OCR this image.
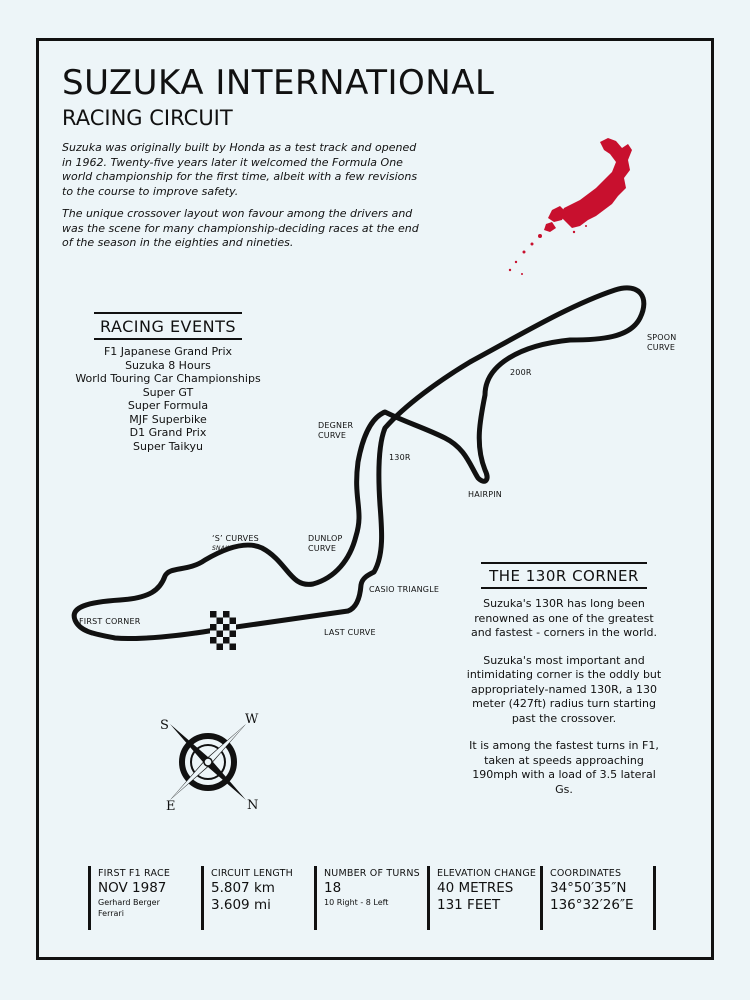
SUZUKA INTERNATIONAL
RACING CIRCUIT

Suzuka was originally built by Honda as a test track and opened in 1962. Twenty-five years later it welcomed the Formula One world championship for the first time, albeit with a few revisions to the course to improve safety.

The unique crossover layout won favour among the drivers and was the scene for many championship-deciding races at the end of the season in the eighties and nineties.

SPOON
CURVE
200R
DEGNER
CURVE
130R
HAIRPIN
‘S’ CURVES
SNAKE
DUNLOP
CURVE
CASIO TRIANGLE
FIRST CORNER
LAST CURVE
S	W
E	N
RACING EVENTS
F1 Japanese Grand Prix
Suzuka 8 Hours
World Touring Car Championships
Super GT
Super Formula
MJF Superbike
D1 Grand Prix
Super Taikyu
THE 130R CORNER

Suzuka's 130R has long been renowned as one of the greatest and fastest - corners in the world.

Suzuka's most important and intimidating corner is the oddly but appropriately-named 130R, a 130 meter (427ft) radius turn starting past the crossover.

It is among the fastest turns in F1, taken at speeds approaching 190mph with a load of 3.5 lateral Gs.

FIRST F1 RACE
NOV 1987
Gerhard Berger
Ferrari
CIRCUIT LENGTH
5.807 km
3.609 mi
NUMBER OF TURNS
18
10 Right - 8 Left
ELEVATION CHANGE
40 METRES
131 FEET
COORDINATES
34°50′35″N
136°32′26″E
